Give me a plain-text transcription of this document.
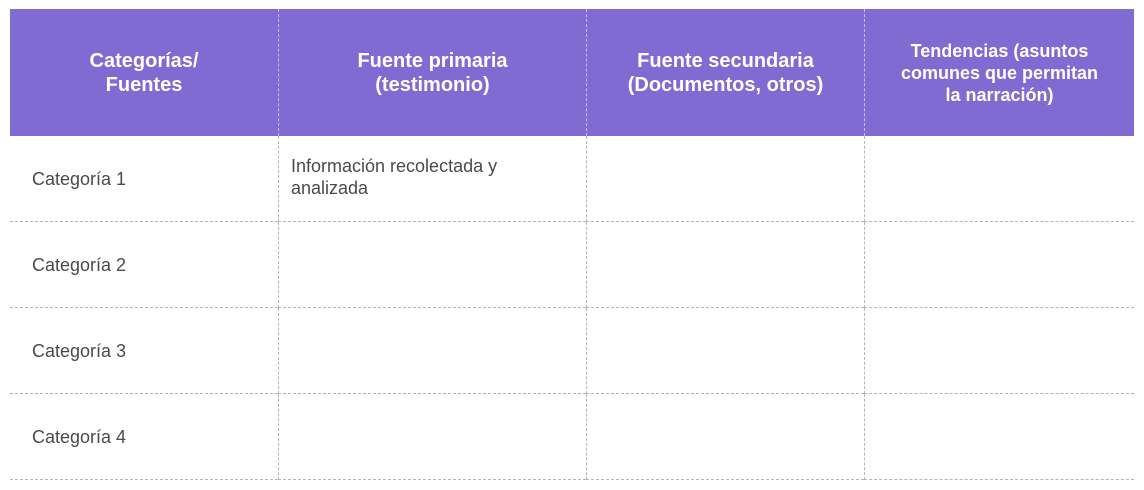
Categorías/
Fuentes
Fuente primaria
(testimonio)
Fuente secundaria
(Documentos, otros)
Tendencias (asuntos
comunes que permitan
la narración)
Categoría 1
Información recolectada y
analizada
Categoría 2
Categoría 3
Categoría 4
